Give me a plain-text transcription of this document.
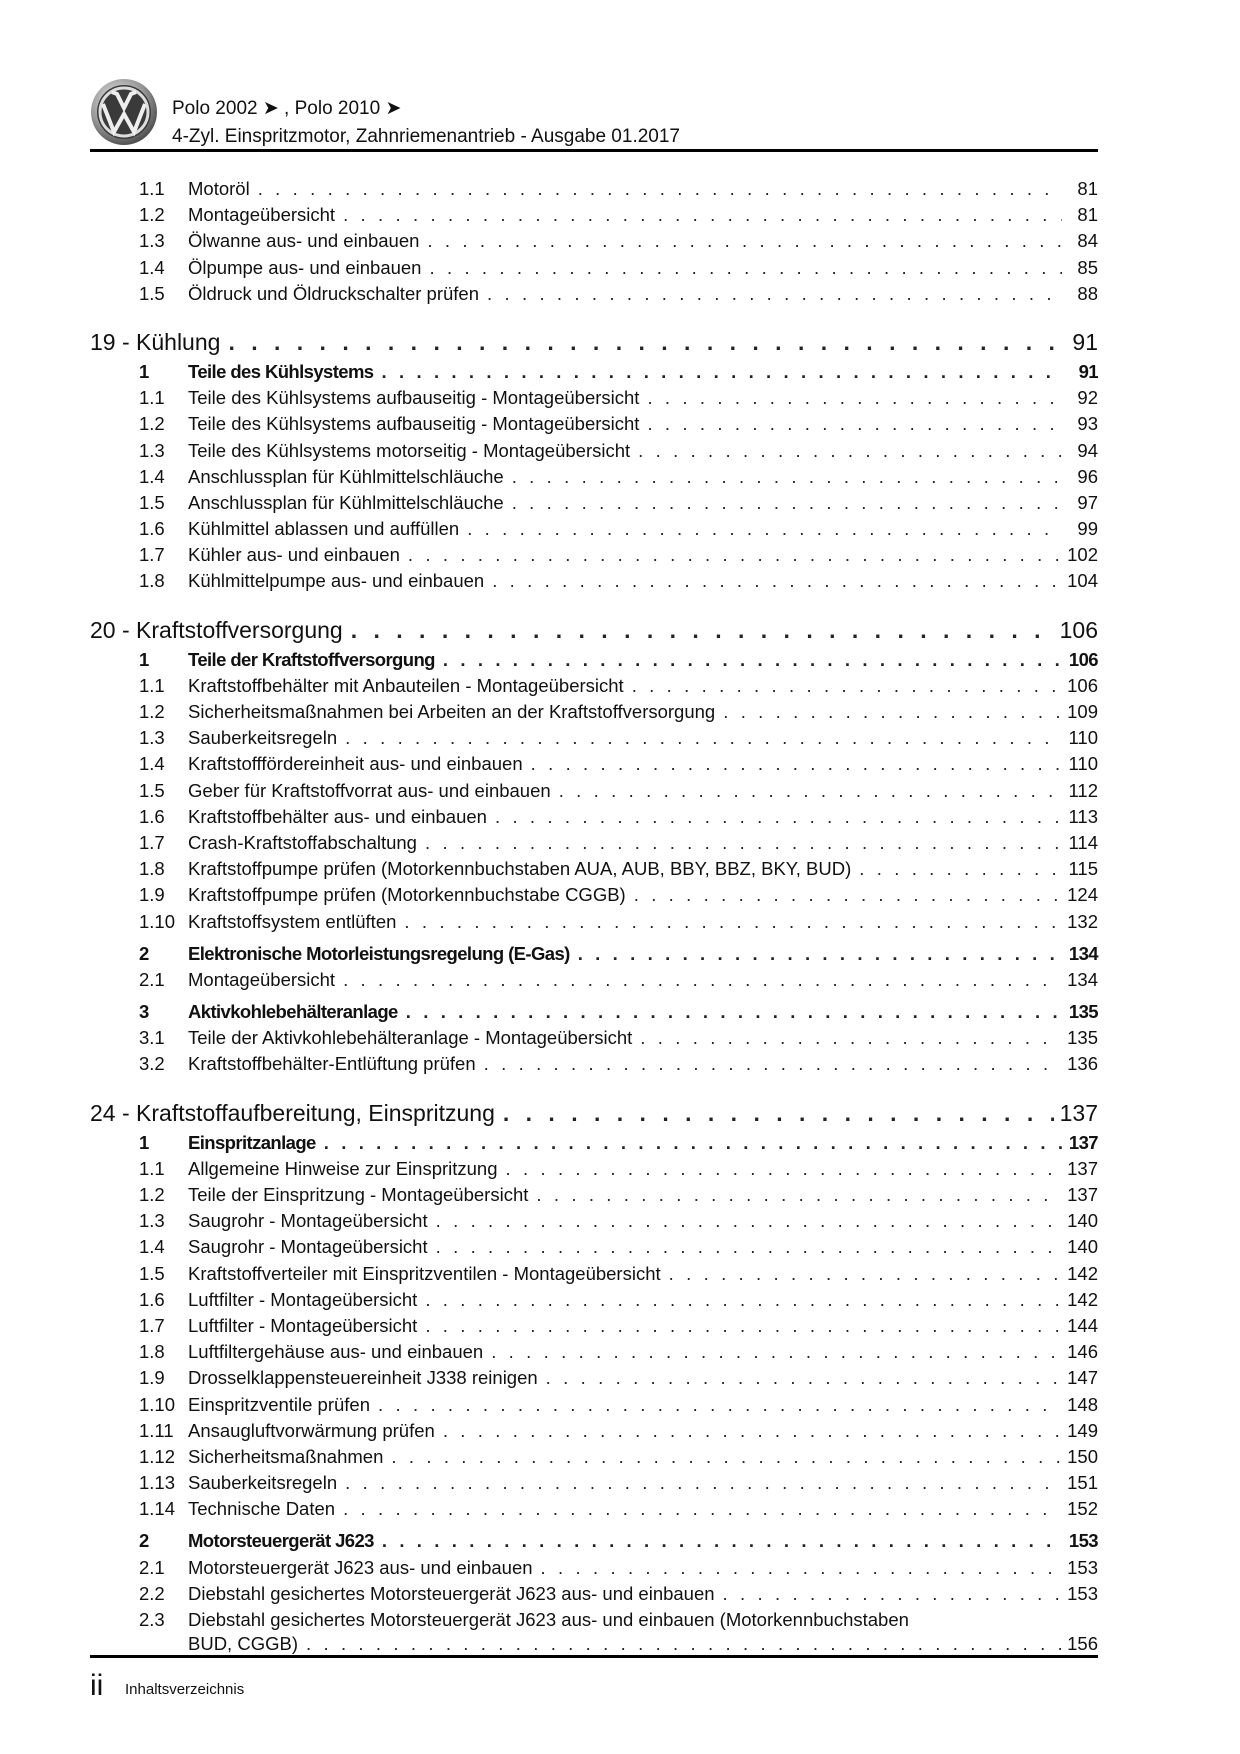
Polo 2002 ➤ , Polo 2010 ➤
4-Zyl. Einspritzmotor, Zahnriemenantrieb - Ausgabe 01.2017
1.1	Motoröl . . .	81
1.2	Montageübersicht . . .	81
1.3	Ölwanne aus- und einbauen . . .	84
1.4	Ölpumpe aus- und einbauen . . .	85
1.5	Öldruck und Öldruckschalter prüfen . . .	88
19 - Kühlung . . .	91
1	Teile des Kühlsystems . . .	91
1.1	Teile des Kühlsystems aufbauseitig - Montageübersicht . . .	92
1.2	Teile des Kühlsystems aufbauseitig - Montageübersicht . . .	93
1.3	Teile des Kühlsystems motorseitig - Montageübersicht . . .	94
1.4	Anschlussplan für Kühlmittelschläuche . . .	96
1.5	Anschlussplan für Kühlmittelschläuche . . .	97
1.6	Kühlmittel ablassen und auffüllen . . .	99
1.7	Kühler aus- und einbauen . . .	102
1.8	Kühlmittelpumpe aus- und einbauen . . .	104
20 - Kraftstoffversorgung . . .	106
1	Teile der Kraftstoffversorgung . . .	106
1.1	Kraftstoffbehälter mit Anbauteilen - Montageübersicht . . .	106
1.2	Sicherheitsmaßnahmen bei Arbeiten an der Kraftstoffversorgung . . .	109
1.3	Sauberkeitsregeln . . .	110
1.4	Kraftstofffördereinheit aus- und einbauen . . .	110
1.5	Geber für Kraftstoffvorrat aus- und einbauen . . .	112
1.6	Kraftstoffbehälter aus- und einbauen . . .	113
1.7	Crash-Kraftstoffabschaltung . . .	114
1.8	Kraftstoffpumpe prüfen (Motorkennbuchstaben AUA, AUB, BBY, BBZ, BKY, BUD) . . .	115
1.9	Kraftstoffpumpe prüfen (Motorkennbuchstabe CGGB) . . .	124
1.10 Kraftstoffsystem entlüften . . .	132
2	Elektronische Motorleistungsregelung (E-Gas) . . .	134
2.1	Montageübersicht . . .	134
3	Aktivkohlebehälteranlage . . .	135
3.1	Teile der Aktivkohlebehälteranlage - Montageübersicht . . .	135
3.2	Kraftstoffbehälter-Entlüftung prüfen . . .	136
24 - Kraftstoffaufbereitung, Einspritzung . . .	137
1	Einspritzanlage . . .	137
1.1	Allgemeine Hinweise zur Einspritzung . . .	137
1.2	Teile der Einspritzung - Montageübersicht . . .	137
1.3	Saugrohr - Montageübersicht . . .	140
1.4	Saugrohr - Montageübersicht . . .	140
1.5	Kraftstoffverteiler mit Einspritzventilen - Montageübersicht . . .	142
1.6	Luftfilter - Montageübersicht . . .	142
1.7	Luftfilter - Montageübersicht . . .	144
1.8	Luftfiltergehäuse aus- und einbauen . . .	146
1.9	Drosselklappensteuereinheit J338 reinigen . . .	147
1.10 Einspritzventile prüfen . . .	148
1.11 Ansaugluftvorwärmung prüfen . . .	149
1.12 Sicherheitsmaßnahmen . . .	150
1.13 Sauberkeitsregeln . . .	151
1.14 Technische Daten . . .	152
2	Motorsteuergerät J623 . . .	153
2.1	Motorsteuergerät J623 aus- und einbauen . . .	153
2.2	Diebstahl gesichertes Motorsteuergerät J623 aus- und einbauen . . .	153
2.3	Diebstahl gesichertes Motorsteuergerät J623 aus- und einbauen (Motorkennbuchstaben
BUD, CGGB) . . .	156
ii Inhaltsverzeichnis
